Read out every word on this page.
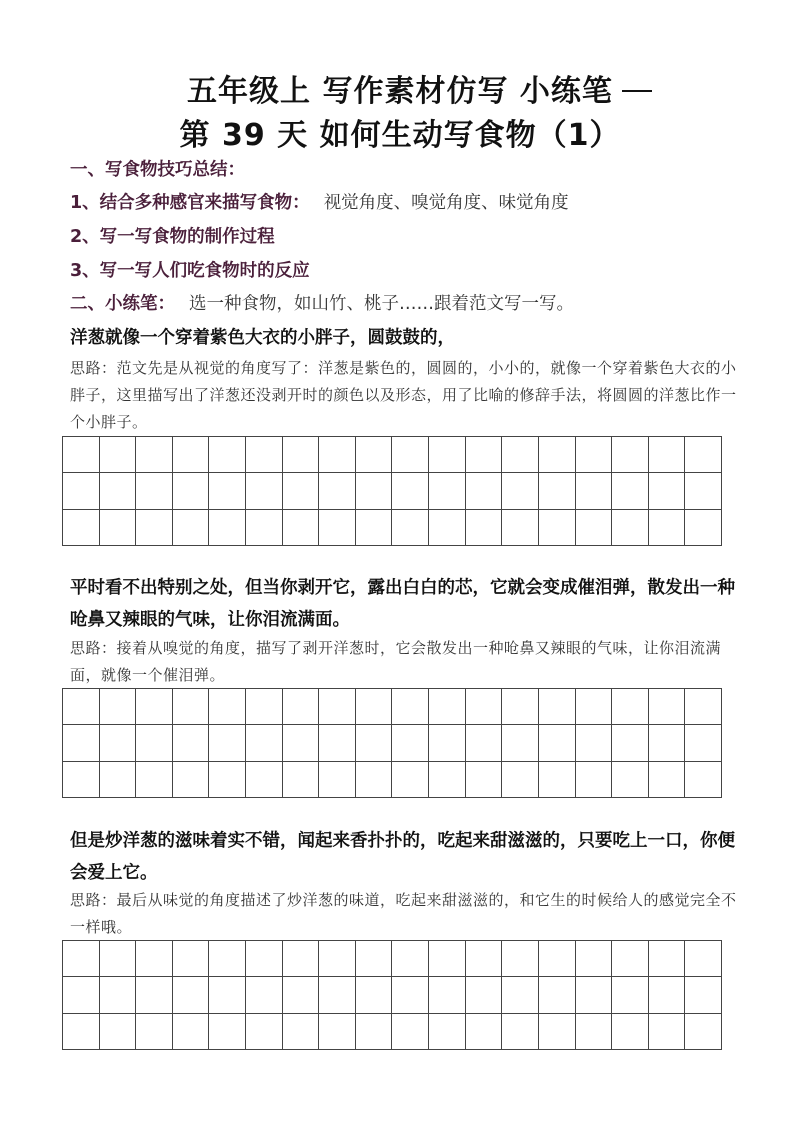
五年级上 写作素材仿写 小练笔
第 39 天 如何生动写食物（1）
一、写食物技巧总结：
1、结合多种感官来描写食物： 视觉角度、嗅觉角度、味觉角度
2、写一写食物的制作过程
3、写一写人们吃食物时的反应
二、小练笔： 选一种食物，如山竹、桃子……跟着范文写一写。
洋葱就像一个穿着紫色大衣的小胖子，圆鼓鼓的，
思路：范文先是从视觉的角度写了：洋葱是紫色的，圆圆的，小小的，就像一个穿着紫色大衣的小胖子，这里描写出了洋葱还没剥开时的颜色以及形态，用了比喻的修辞手法，将圆圆的洋葱比作一个小胖子。
平时看不出特别之处，但当你剥开它，露出白白的芯，它就会变成催泪弹，散发出一种呛鼻又辣眼的气味，让你泪流满面。
思路：接着从嗅觉的角度，描写了剥开洋葱时，它会散发出一种呛鼻又辣眼的气味，让你泪流满面，就像一个催泪弹。
但是炒洋葱的滋味着实不错，闻起来香扑扑的，吃起来甜滋滋的，只要吃上一口，你便会爱上它。
思路：最后从味觉的角度描述了炒洋葱的味道，吃起来甜滋滋的，和它生的时候给人的感觉完全不一样哦。
